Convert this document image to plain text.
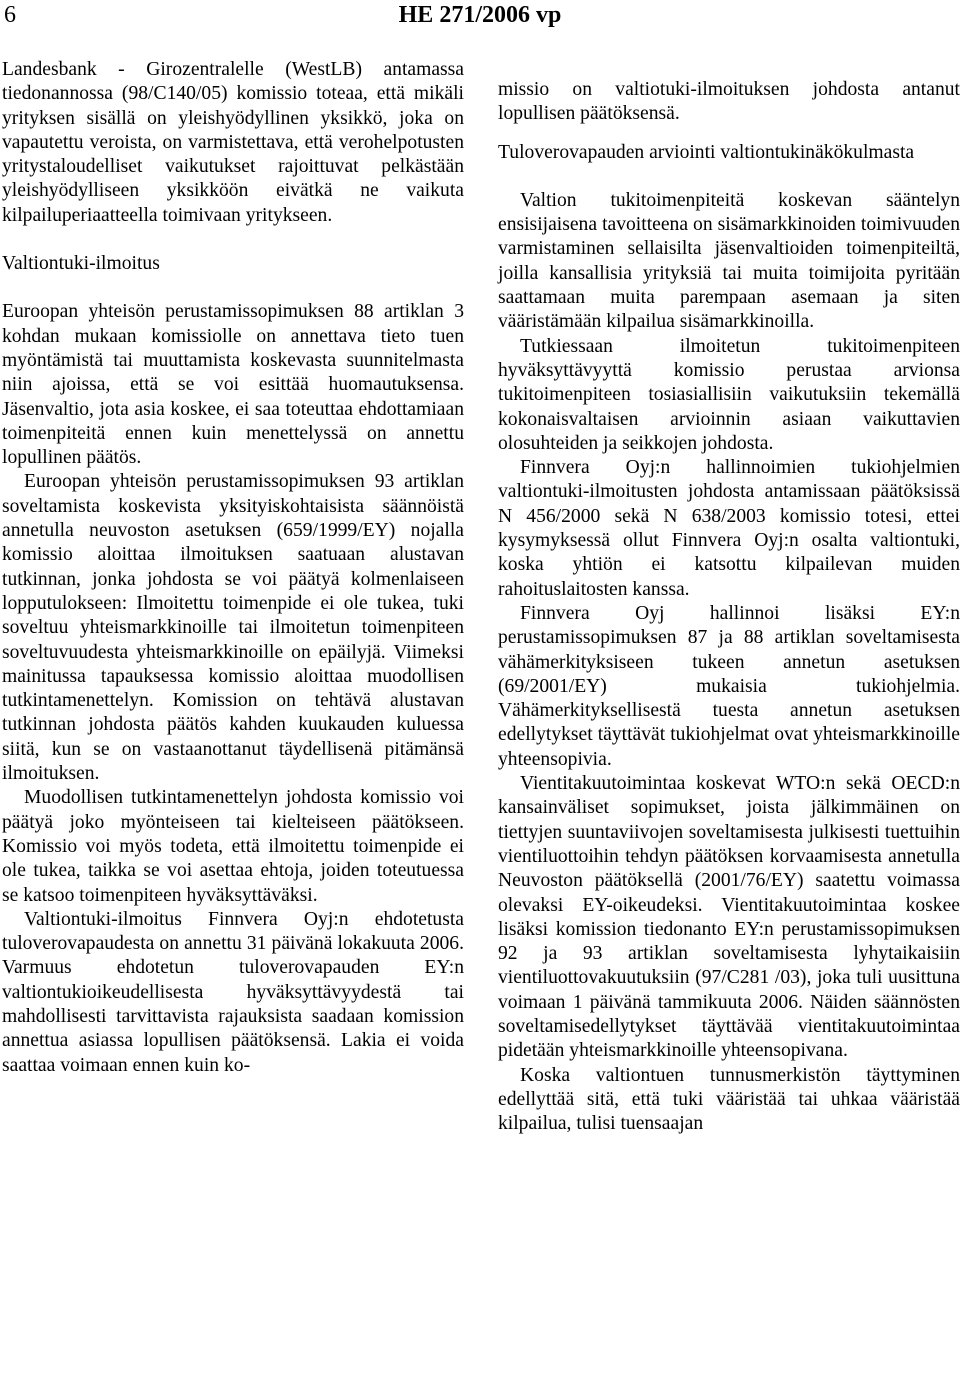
6	HE 271/2006 vp

Landesbank - Girozentralelle (WestLB) antamassa tiedonannossa (98/C140/05) komissio toteaa, että mikäli yrityksen sisällä on yleishyödyllinen yksikkö, joka on vapautettu veroista, on varmistettava, että verohelpotusten yritystaloudelliset vaikutukset rajoittuvat pelkästään yleishyödylliseen yksikköön eivätkä ne vaikuta kilpailuperiaatteella toimivaan yritykseen.

Valtiontuki-ilmoitus

Euroopan yhteisön perustamissopimuksen 88 artiklan 3 kohdan mukaan komissiolle on annettava tieto tuen myöntämistä tai muuttamista koskevasta suunnitelmasta niin ajoissa, että se voi esittää huomautuksensa. Jäsenvaltio, jota asia koskee, ei saa toteuttaa ehdottamiaan toimenpiteitä ennen kuin menettelyssä on annettu lopullinen päätös.

Euroopan yhteisön perustamissopimuksen 93 artiklan soveltamista koskevista yksityiskohtaisista säännöistä annetulla neuvoston asetuksen (659/1999/EY) nojalla komissio aloittaa ilmoituksen saatuaan alustavan tutkinnan, jonka johdosta se voi päätyä kolmenlaiseen lopputulokseen: Ilmoitettu toimenpide ei ole tukea, tuki soveltuu yhteismarkkinoille tai ilmoitetun toimenpiteen soveltuvuudesta yhteismarkkinoille on epäilyjä. Viimeksi mainitussa tapauksessa komissio aloittaa muodollisen tutkintamenettelyn. Komission on tehtävä alustavan tutkinnan johdosta päätös kahden kuukauden kuluessa siitä, kun se on vastaanottanut täydellisenä pitämänsä ilmoituksen.

Muodollisen tutkintamenettelyn johdosta komissio voi päätyä joko myönteiseen tai kielteiseen päätökseen. Komissio voi myös todeta, että ilmoitettu toimenpide ei ole tukea, taikka se voi asettaa ehtoja, joiden toteutuessa se katsoo toimenpiteen hyväksyttäväksi.

Valtiontuki-ilmoitus Finnvera Oyj:n ehdotetusta tuloverovapaudesta on annettu 31 päivänä lokakuuta 2006. Varmuus ehdotetun tuloverovapauden EY:n valtiontukioikeudellisesta hyväksyttävyydestä tai mahdollisesti tarvittavista rajauksista saadaan komission annettua asiassa lopullisen päätöksensä. Lakia ei voida saattaa voimaan ennen kuin ko-

missio on valtiotuki-ilmoituksen johdosta antanut lopullisen päätöksensä.

Tuloverovapauden arviointi valtiontukinäkökulmasta

Valtion tukitoimenpiteitä koskevan sääntelyn ensisijaisena tavoitteena on sisämarkkinoiden toimivuuden varmistaminen sellaisilta jäsenvaltioiden toimenpiteiltä, joilla kansallisia yrityksiä tai muita toimijoita pyritään saattamaan muita parempaan asemaan ja siten vääristämään kilpailua sisämarkkinoilla.

Tutkiessaan ilmoitetun tukitoimenpiteen hyväksyttävyyttä komissio perustaa arvionsa tukitoimenpiteen tosiasiallisiin vaikutuksiin tekemällä kokonaisvaltaisen arvioinnin asiaan vaikuttavien olosuhteiden ja seikkojen johdosta.

Finnvera Oyj:n hallinnoimien tukiohjelmien valtiontuki-ilmoitusten johdosta antamissaan päätöksissä N 456/2000 sekä N 638/2003 komissio totesi, ettei kysymyksessä ollut Finnvera Oyj:n osalta valtiontuki, koska yhtiön ei katsottu kilpailevan muiden rahoituslaitosten kanssa.

Finnvera Oyj hallinnoi lisäksi EY:n perustamissopimuksen 87 ja 88 artiklan soveltamisesta vähämerkityksiseen tukeen annetun asetuksen (69/2001/EY) mukaisia tukiohjelmia. Vähämerkityksellisestä tuesta annetun asetuksen edellytykset täyttävät tukiohjelmat ovat yhteismarkkinoille yhteensopivia.

Vientitakuutoimintaa koskevat WTO:n sekä OECD:n kansainväliset sopimukset, joista jälkimmäinen on tiettyjen suuntaviivojen soveltamisesta julkisesti tuettuihin vientiluottoihin tehdyn päätöksen korvaamisesta annetulla Neuvoston päätöksellä (2001/76/EY) saatettu voimassa olevaksi EY-oikeudeksi. Vientitakuutoimintaa koskee lisäksi komission tiedonanto EY:n perustamissopimuksen 92 ja 93 artiklan soveltamisesta lyhytaikaisiin vientiluottovakuutuksiin (97/C281 /03), joka tuli uusittuna voimaan 1 päivänä tammikuuta 2006. Näiden säännösten soveltamisedellytykset täyttävää vientitakuutoimintaa pidetään yhteismarkkinoille yhteensopivana.

Koska valtiontuen tunnusmerkistön täyttyminen edellyttää sitä, että tuki vääristää tai uhkaa vääristää kilpailua, tulisi tuensaajan
